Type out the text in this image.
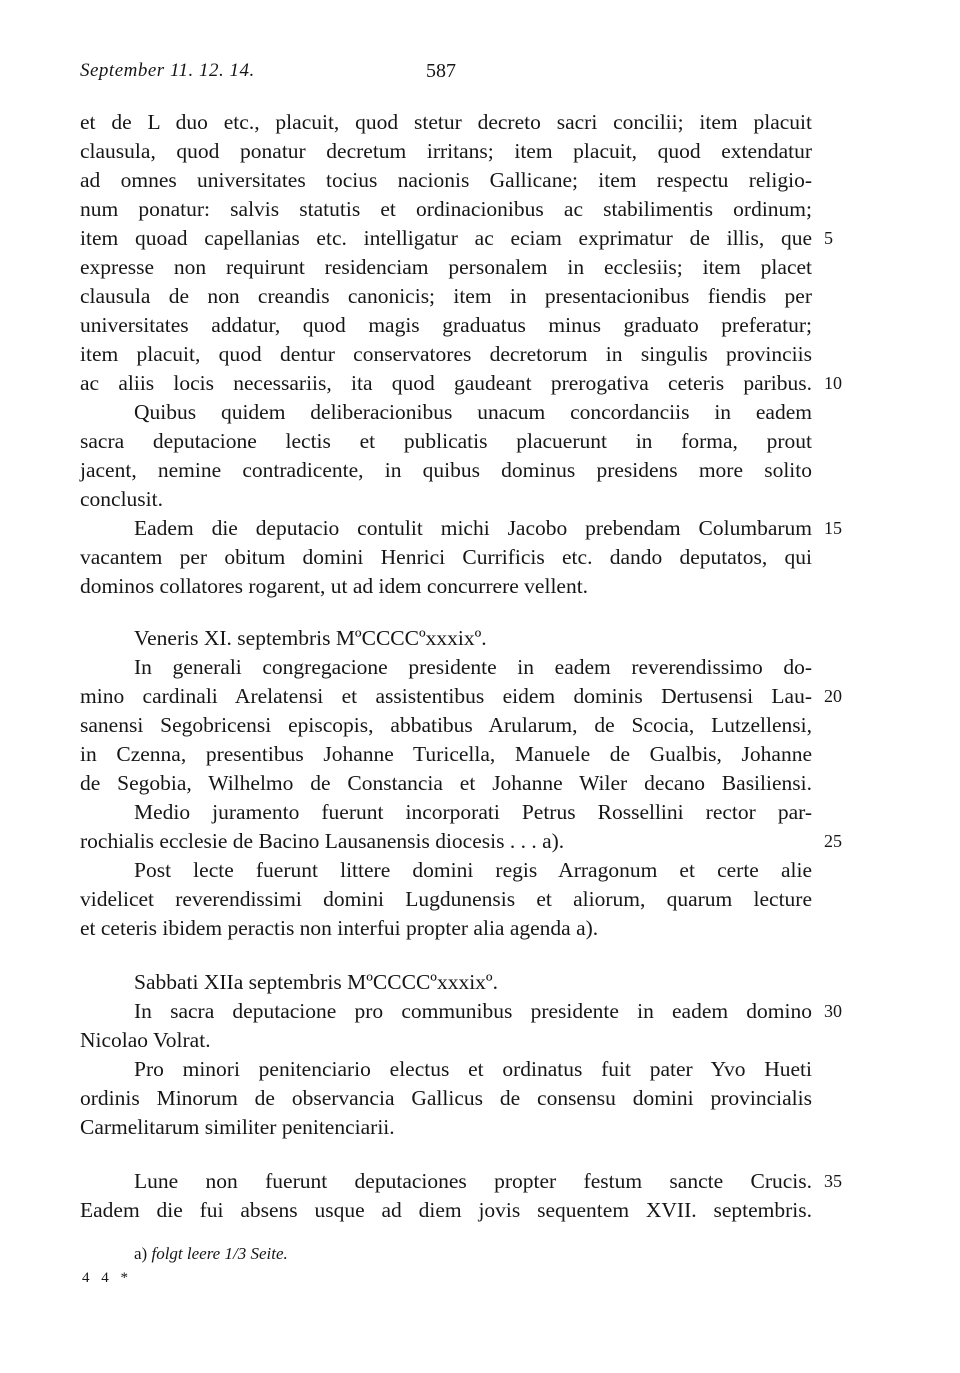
September 11. 12. 14.	587
et de L duo etc., placuit, quod stetur decreto sacri concilii; item placuit
clausula, quod ponatur decretum irritans; item placuit, quod extendatur
ad omnes universitates tocius nacionis Gallicane; item respectu religio-
num ponatur: salvis statutis et ordinacionibus ac stabilimentis ordinum;
item quoad capellanias etc. intelligatur ac eciam exprimatur de illis, que
expresse non requirunt residenciam personalem in ecclesiis; item placet
clausula de non creandis canonicis; item in presentacionibus fiendis per
universitates addatur, quod magis graduatus minus graduato preferatur;
item placuit, quod dentur conservatores decretorum in singulis provinciis
ac aliis locis necessariis, ita quod gaudeant prerogativa ceteris paribus.
Quibus quidem deliberacionibus unacum concordanciis in eadem
sacra deputacione lectis et publicatis placuerunt in forma, prout
jacent, nemine contradicente, in quibus dominus presidens more solito
conclusit.
Eadem die deputacio contulit michi Jacobo prebendam Columbarum
vacantem per obitum domini Henrici Currificis etc. dando deputatos, qui
dominos collatores rogarent, ut ad idem concurrere vellent.
Veneris XI. septembris MºCCCCºxxxixº.
In generali congregacione presidente in eadem reverendissimo do-
mino cardinali Arelatensi et assistentibus eidem dominis Dertusensi Lau-
sanensi Segobricensi episcopis, abbatibus Arularum, de Scocia, Lutzellensi,
in Czenna, presentibus Johanne Turicella, Manuele de Gualbis, Johanne
de Segobia, Wilhelmo de Constancia et Johanne Wiler decano Basiliensi.
Medio juramento fuerunt incorporati Petrus Rossellini rector par-
rochialis ecclesie de Bacino Lausanensis diocesis . . . a).
Post lecte fuerunt littere domini regis Arragonum et certe alie
videlicet reverendissimi domini Lugdunensis et aliorum, quarum lecture
et ceteris ibidem peractis non interfui propter alia agenda a).
Sabbati XIIa septembris MºCCCCºxxxixº.
In sacra deputacione pro communibus presidente in eadem domino
Nicolao Volrat.
Pro minori penitenciario electus et ordinatus fuit pater Yvo Hueti
ordinis Minorum de observancia Gallicus de consensu domini provincialis
Carmelitarum similiter penitenciarii.
Lune non fuerunt deputaciones propter festum sancte Crucis.
Eadem die fui absens usque ad diem jovis sequentem XVII. septembris.
5
10
15
20
25
30
35
a) folgt leere 1/3 Seite.
4 4 *
